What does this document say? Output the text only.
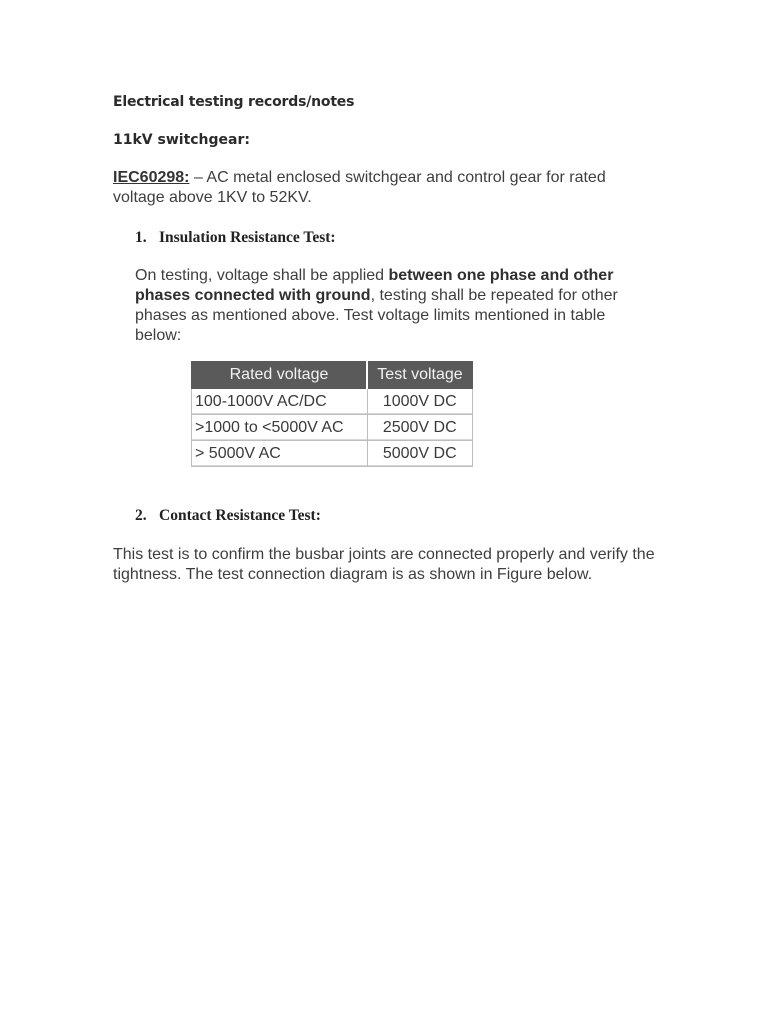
Electrical testing records/notes
11kV switchgear:
IEC60298: – AC metal enclosed switchgear and control gear for rated voltage above 1KV to 52KV.
1. Insulation Resistance Test:
On testing, voltage shall be applied between one phase and other phases connected with ground, testing shall be repeated for other phases as mentioned above. Test voltage limits mentioned in table below:
Rated voltage	Test voltage
100-1000V AC/DC	1000V DC
>1000 to <5000V AC	2500V DC
> 5000V AC	5000V DC
2. Contact Resistance Test:
This test is to confirm the busbar joints are connected properly and verify the tightness. The test connection diagram is as shown in Figure below.
